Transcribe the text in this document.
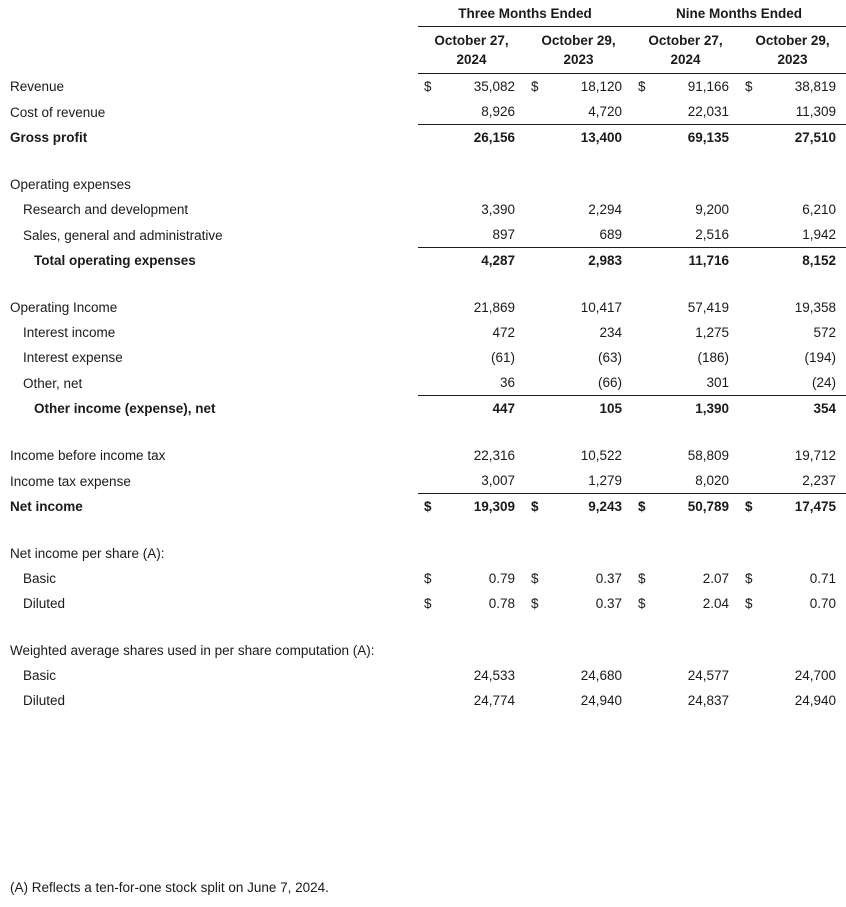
	Three Months Ended				Nine Months Ended			
	October 27,		October 29,		October 27,		October 29,	
	2024		2023		2024		2023	
Revenue	$	35,082	$	18,120	$	91,166	$	38,819
Cost of revenue		8,926		4,720		22,031		11,309
Gross profit		26,156		13,400		69,135		27,510

Operating expenses								
Research and development		3,390		2,294		9,200		6,210
Sales, general and administrative		897		689		2,516		1,942
Total operating expenses		4,287		2,983		11,716		8,152

Operating Income		21,869		10,417		57,419		19,358
Interest income		472		234		1,275		572
Interest expense		(61)		(63)		(186)		(194)
Other, net		36		(66)		301		(24)
Other income (expense), net		447		105		1,390		354

Income before income tax		22,316		10,522		58,809		19,712
Income tax expense		3,007		1,279		8,020		2,237
Net income	$	19,309	$	9,243	$	50,789	$	17,475

Net income per share (A):								
Basic	$	0.79	$	0.37	$	2.07	$	0.71
Diluted	$	0.78	$	0.37	$	2.04	$	0.70

Weighted average shares used in per share computation (A):								
Basic		24,533		24,680		24,577		24,700
Diluted		24,774		24,940		24,837		24,940
(A) Reflects a ten-for-one stock split on June 7, 2024.
